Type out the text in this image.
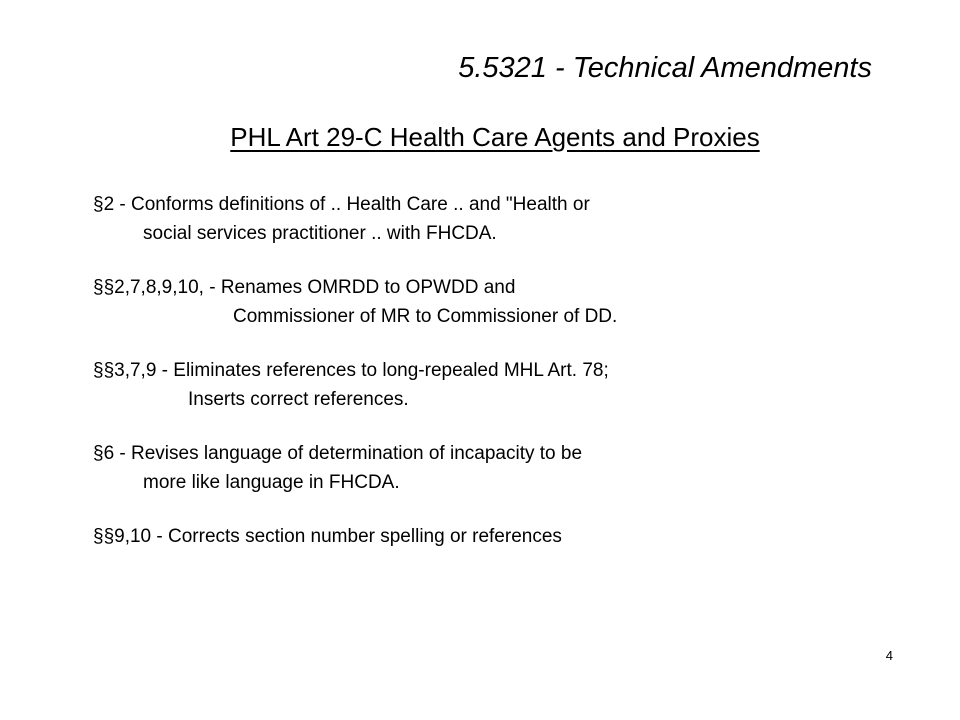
5.5321 - Technical Amendments
PHL Art 29-C Health Care Agents and Proxies
§2 - Conforms definitions of .. Health Care .. and "Health or
social services practitioner .. with FHCDA.
§§2,7,8,9,10, - Renames OMRDD to OPWDD and
Commissioner of MR to Commissioner of DD.
§§3,7,9 - Eliminates references to long-repealed MHL Art. 78;
Inserts correct references.
§6 - Revises language of determination of incapacity to be
more like language in FHCDA.
§§9,10 - Corrects section number spelling or references
4
